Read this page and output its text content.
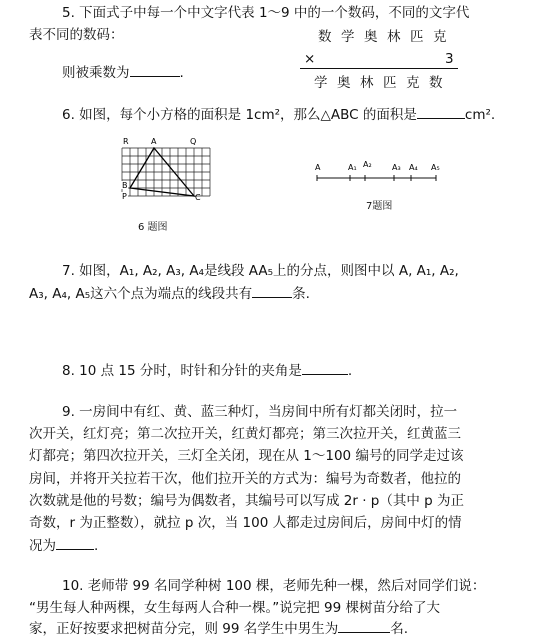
5. 下面式子中每一个中文字代表 1～9 中的一个数码，不同的文字代
表不同的数码：	数 学 奥 林 匹 克
×	3
学 奥 林 匹 克 数
则被乘数为	.
6. 如图，每个小方格的面积是 1cm²，那么△ABC 的面积是	cm².
R	A	Q
B
P	C
6 题图
A	A₁ A₂	A₃ A₄ A₅
7题图
7. 如图，A₁, A₂, A₃, A₄是线段 AA₅上的分点，则图中以 A, A₁, A₂,
A₃, A₄, A₅这六个点为端点的线段共有	条.
8. 10 点 15 分时，时针和分针的夹角是	.
9. 一房间中有红、黄、蓝三种灯，当房间中所有灯都关闭时，拉一
次开关，红灯亮；第二次拉开关，红黄灯都亮；第三次拉开关，红黄蓝三
灯都亮；第四次拉开关，三灯全关闭，现在从 1～100 编号的同学走过该
房间，并将开关拉若干次，他们拉开关的方式为：编号为奇数者，他拉的
次数就是他的号数；编号为偶数者，其编号可以写成 2r · p（其中 p 为正
奇数，r 为正整数），就拉 p 次，当 100 人都走过房间后，房间中灯的情
况为	.
10. 老师带 99 名同学种树 100 棵，老师先种一棵，然后对同学们说：
“男生每人种两棵，女生每两人合种一棵。”说完把 99 棵树苗分给了大
家，正好按要求把树苗分完，则 99 名学生中男生为	名.
